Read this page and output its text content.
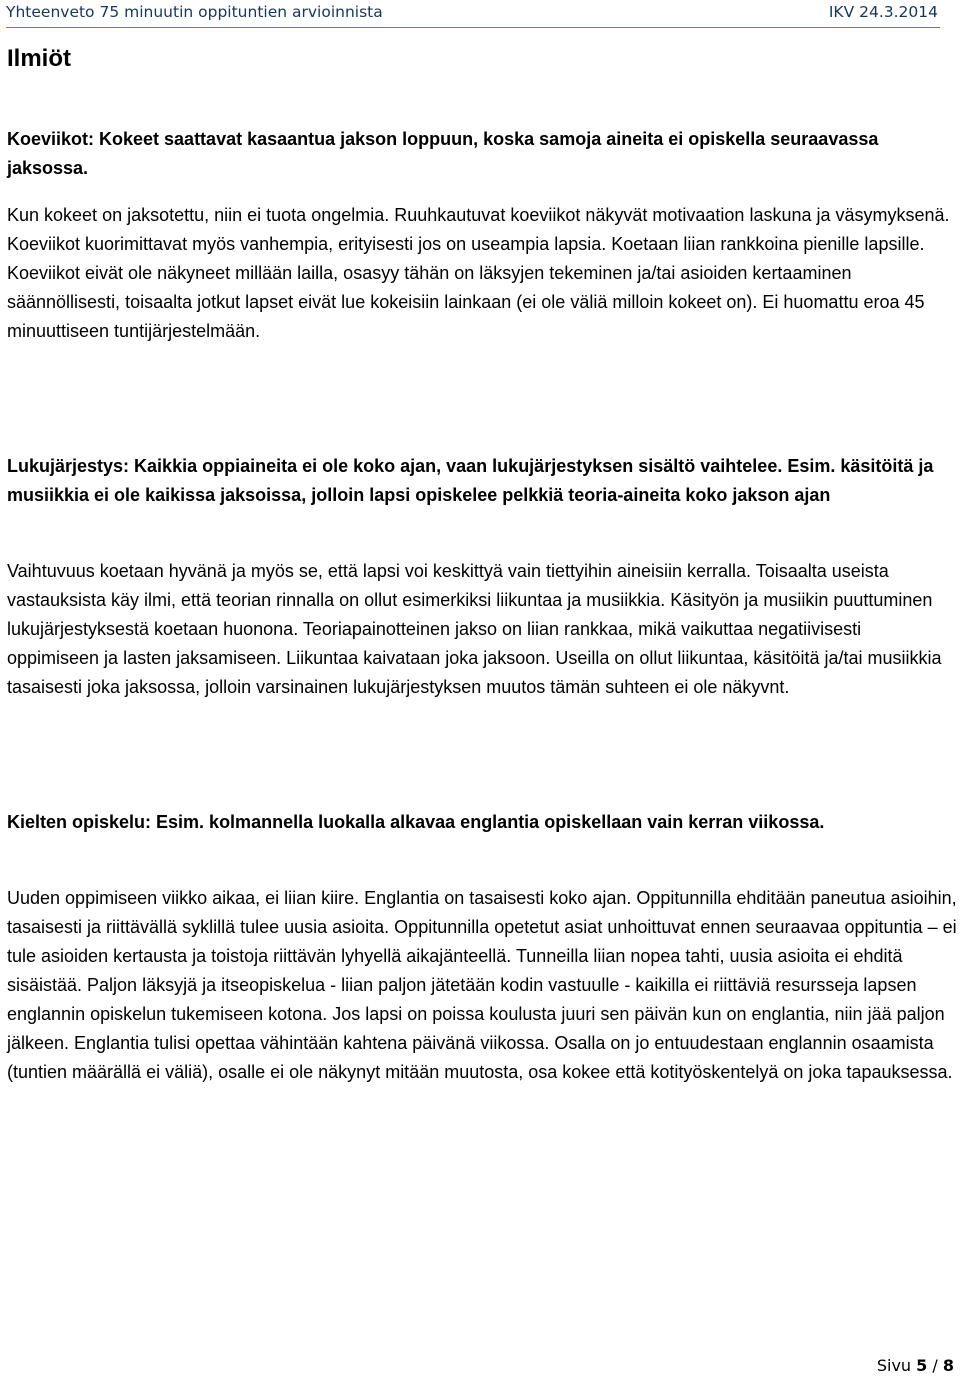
Yhteenveto 75 minuutin oppituntien arvioinnista	IKV 24.3.2014
Ilmiöt

Koeviikot: Kokeet saattavat kasaantua jakson loppuun, koska samoja aineita ei opiskella seuraavassa jaksossa.

Kun kokeet on jaksotettu, niin ei tuota ongelmia. Ruuhkautuvat koeviikot näkyvät motivaation laskuna ja väsymyksenä. Koeviikot kuorimittavat myös vanhempia, erityisesti jos on useampia lapsia. Koetaan liian rankkoina pienille lapsille. Koeviikot eivät ole näkyneet millään lailla, osasyy tähän on läksyjen tekeminen ja/tai asioiden kertaaminen säännöllisesti, toisaalta jotkut lapset eivät lue kokeisiin lainkaan (ei ole väliä milloin kokeet on). Ei huomattu eroa 45 minuuttiseen tuntijärjestelmään.

Lukujärjestys: Kaikkia oppiaineita ei ole koko ajan, vaan lukujärjestyksen sisältö vaihtelee. Esim. käsitöitä ja musiikkia ei ole kaikissa jaksoissa, jolloin lapsi opiskelee pelkkiä teoria-aineita koko jakson ajan

Vaihtuvuus koetaan hyvänä ja myös se, että lapsi voi keskittyä vain tiettyihin aineisiin kerralla. Toisaalta useista vastauksista käy ilmi, että teorian rinnalla on ollut esimerkiksi liikuntaa ja musiikkia. Käsityön ja musiikin puuttuminen lukujärjestyksestä koetaan huonona. Teoriapainotteinen jakso on liian rankkaa, mikä vaikuttaa negatiivisesti oppimiseen ja lasten jaksamiseen. Liikuntaa kaivataan joka jaksoon. Useilla on ollut liikuntaa, käsitöitä ja/tai musiikkia tasaisesti joka jaksossa, jolloin varsinainen lukujärjestyksen muutos tämän suhteen ei ole näkyvnt.

Kielten opiskelu: Esim. kolmannella luokalla alkavaa englantia opiskellaan vain kerran viikossa.

Uuden oppimiseen viikko aikaa, ei liian kiire. Englantia on tasaisesti koko ajan. Oppitunnilla ehditään paneutua asioihin, tasaisesti ja riittävällä syklillä tulee uusia asioita. Oppitunnilla opetetut asiat unhoittuvat ennen seuraavaa oppituntia – ei tule asioiden kertausta ja toistoja riittävän lyhyellä aikajänteellä. Tunneilla liian nopea tahti, uusia asioita ei ehditä sisäistää. Paljon läksyjä ja itseopiskelua - liian paljon jätetään kodin vastuulle - kaikilla ei riittäviä resursseja lapsen englannin opiskelun tukemiseen kotona. Jos lapsi on poissa koulusta juuri sen päivän kun on englantia, niin jää paljon jälkeen. Englantia tulisi opettaa vähintään kahtena päivänä viikossa. Osalla on jo entuudestaan englannin osaamista (tuntien määrällä ei väliä), osalle ei ole näkynyt mitään muutosta, osa kokee että kotityöskentelyä on joka tapauksessa.

Sivu 5 / 8
